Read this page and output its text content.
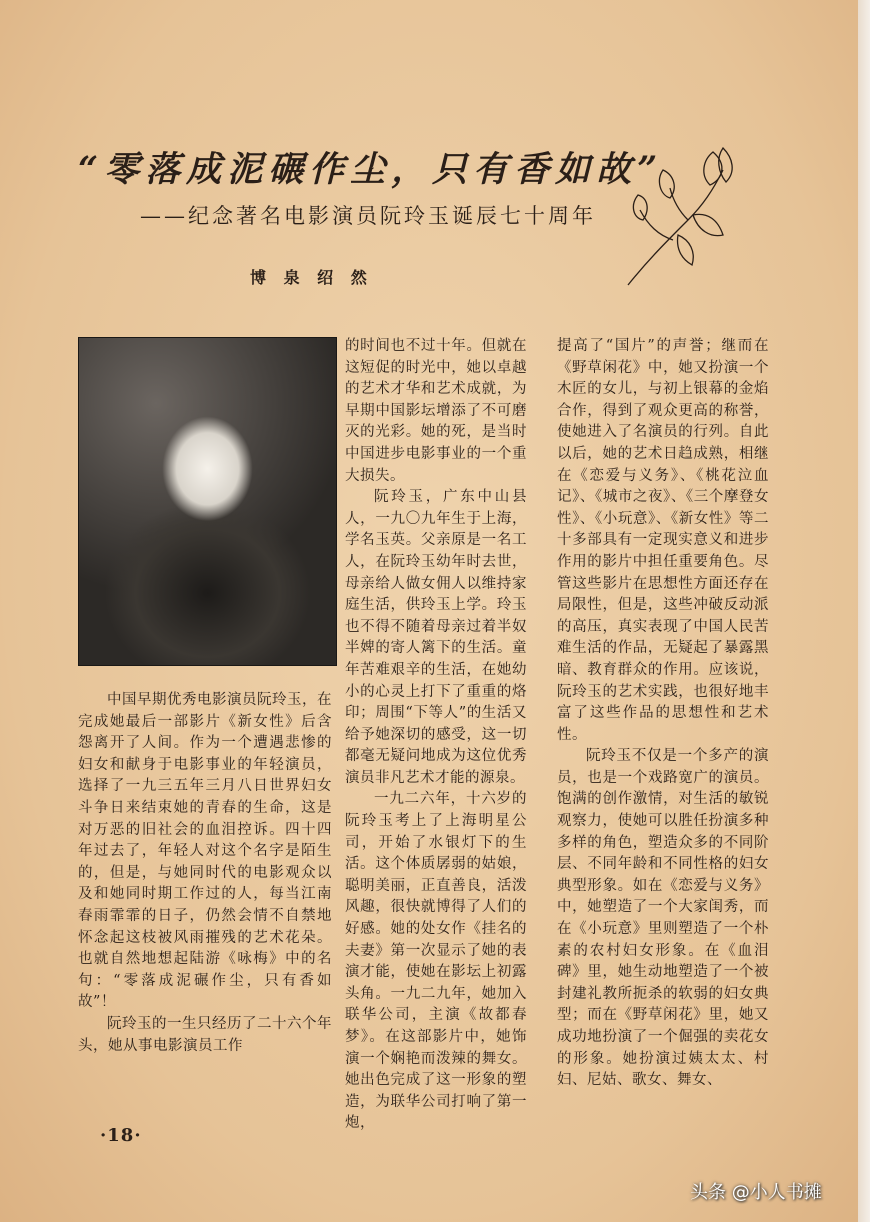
“零落成泥碾作尘，只有香如故”
——纪念著名电影演员阮玲玉诞辰七十周年
博 泉 绍 然

中国早期优秀电影演员阮玲玉，在完成她最后一部影片《新女性》后含怨离开了人间。作为一个遭遇悲惨的妇女和献身于电影事业的年轻演员，选择了一九三五年三月八日世界妇女斗争日来结束她的青春的生命，这是对万恶的旧社会的血泪控诉。四十四年过去了，年轻人对这个名字是陌生的，但是，与她同时代的电影观众以及和她同时期工作过的人，每当江南春雨霏霏的日子，仍然会情不自禁地怀念起这枝被风雨摧残的艺术花朵。也就自然地想起陆游《咏梅》中的名句：“零落成泥碾作尘，只有香如故”！

阮玲玉的一生只经历了二十六个年头，她从事电影演员工作

的时间也不过十年。但就在这短促的时光中，她以卓越的艺术才华和艺术成就，为早期中国影坛增添了不可磨灭的光彩。她的死，是当时中国进步电影事业的一个重大损失。

阮玲玉，广东中山县人，一九〇九年生于上海，学名玉英。父亲原是一名工人，在阮玲玉幼年时去世，母亲给人做女佣人以维持家庭生活，供玲玉上学。玲玉也不得不随着母亲过着半奴半婢的寄人篱下的生活。童年苦难艰辛的生活，在她幼小的心灵上打下了重重的烙印；周围“下等人”的生活又给予她深切的感受，这一切都毫无疑问地成为这位优秀演员非凡艺术才能的源泉。

一九二六年，十六岁的阮玲玉考上了上海明星公司，开始了水银灯下的生活。这个体质孱弱的姑娘，聪明美丽，正直善良，活泼风趣，很快就博得了人们的好感。她的处女作《挂名的夫妻》第一次显示了她的表演才能，使她在影坛上初露头角。一九二九年，她加入联华公司，主演《故都春梦》。在这部影片中，她饰演一个娴艳而泼辣的舞女。她出色完成了这一形象的塑造，为联华公司打响了第一炮，

提高了“国片”的声誉；继而在《野草闲花》中，她又扮演一个木匠的女儿，与初上银幕的金焰合作，得到了观众更高的称誉，使她进入了名演员的行列。自此以后，她的艺术日趋成熟，相继在《恋爱与义务》、《桃花泣血记》、《城市之夜》、《三个摩登女性》、《小玩意》、《新女性》等二十多部具有一定现实意义和进步作用的影片中担任重要角色。尽管这些影片在思想性方面还存在局限性，但是，这些冲破反动派的高压，真实表现了中国人民苦难生活的作品，无疑起了暴露黑暗、教育群众的作用。应该说，阮玲玉的艺术实践，也很好地丰富了这些作品的思想性和艺术性。

阮玲玉不仅是一个多产的演员，也是一个戏路宽广的演员。饱满的创作激情，对生活的敏锐观察力，使她可以胜任扮演多种多样的角色，塑造众多的不同阶层、不同年龄和不同性格的妇女典型形象。如在《恋爱与义务》中，她塑造了一个大家闺秀，而在《小玩意》里则塑造了一个朴素的农村妇女形象。在《血泪碑》里，她生动地塑造了一个被封建礼教所扼杀的软弱的妇女典型；而在《野草闲花》里，她又成功地扮演了一个倔强的卖花女的形象。她扮演过姨太太、村妇、尼姑、歌女、舞女、

·18·
头条 @小人书摊
